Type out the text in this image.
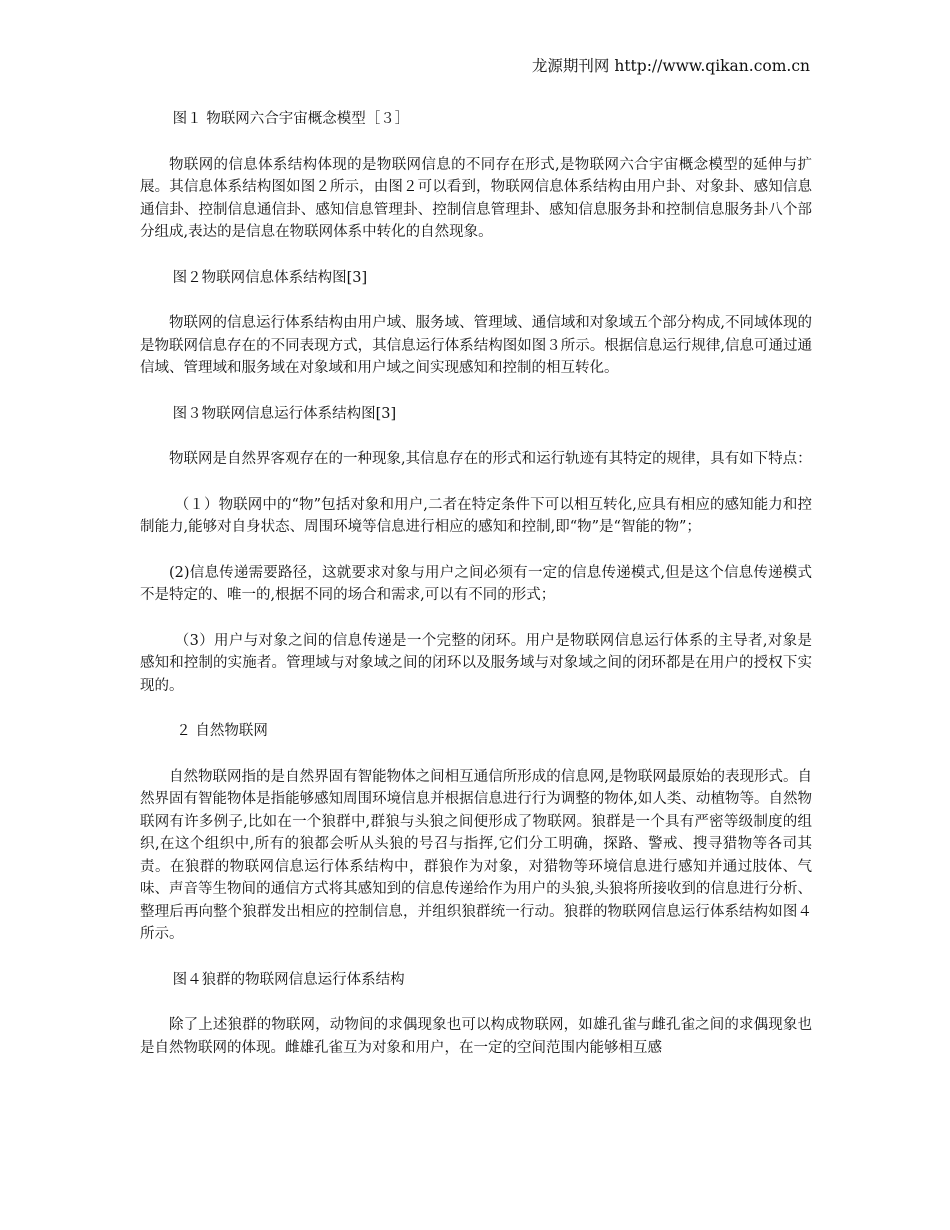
龙源期刊网 http://www.qikan.com.cn

图１ 物联网六合宇宙概念模型［３］

物联网的信息体系结构体现的是物联网信息的不同存在形式,是物联网六合宇宙概念模型的延伸与扩展。其信息体系结构图如图２所示，由图２可以看到，物联网信息体系结构由用户卦、对象卦、感知信息通信卦、控制信息通信卦、感知信息管理卦、控制信息管理卦、感知信息服务卦和控制信息服务卦八个部分组成,表达的是信息在物联网体系中转化的自然现象。

图２物联网信息体系结构图[3]

物联网的信息运行体系结构由用户域、服务域、管理域、通信域和对象域五个部分构成,不同域体现的是物联网信息存在的不同表现方式，其信息运行体系结构图如图３所示。根据信息运行规律,信息可通过通信域、管理域和服务域在对象域和用户域之间实现感知和控制的相互转化。

图３物联网信息运行体系结构图[3]

物联网是自然界客观存在的一种现象,其信息存在的形式和运行轨迹有其特定的规律，具有如下特点：

（１）物联网中的“物”包括对象和用户,二者在特定条件下可以相互转化,应具有相应的感知能力和控制能力,能够对自身状态、周围环境等信息进行相应的感知和控制,即“物”是“智能的物”；

(2)信息传递需要路径，这就要求对象与用户之间必须有一定的信息传递模式,但是这个信息传递模式不是特定的、唯一的,根据不同的场合和需求,可以有不同的形式；

（3）用户与对象之间的信息传递是一个完整的闭环。用户是物联网信息运行体系的主导者,对象是感知和控制的实施者。管理域与对象域之间的闭环以及服务域与对象域之间的闭环都是在用户的授权下实现的。

２ 自然物联网

自然物联网指的是自然界固有智能物体之间相互通信所形成的信息网,是物联网最原始的表现形式。自然界固有智能物体是指能够感知周围环境信息并根据信息进行行为调整的物体,如人类、动植物等。自然物联网有许多例子,比如在一个狼群中,群狼与头狼之间便形成了物联网。狼群是一个具有严密等级制度的组织,在这个组织中,所有的狼都会听从头狼的号召与指挥,它们分工明确，探路、警戒、搜寻猎物等各司其责。在狼群的物联网信息运行体系结构中，群狼作为对象，对猎物等环境信息进行感知并通过肢体、气味、声音等生物间的通信方式将其感知到的信息传递给作为用户的头狼,头狼将所接收到的信息进行分析、整理后再向整个狼群发出相应的控制信息，并组织狼群统一行动。狼群的物联网信息运行体系结构如图４所示。

图４狼群的物联网信息运行体系结构

除了上述狼群的物联网，动物间的求偶现象也可以构成物联网，如雄孔雀与雌孔雀之间的求偶现象也是自然物联网的体现。雌雄孔雀互为对象和用户，在一定的空间范围内能够相互感
